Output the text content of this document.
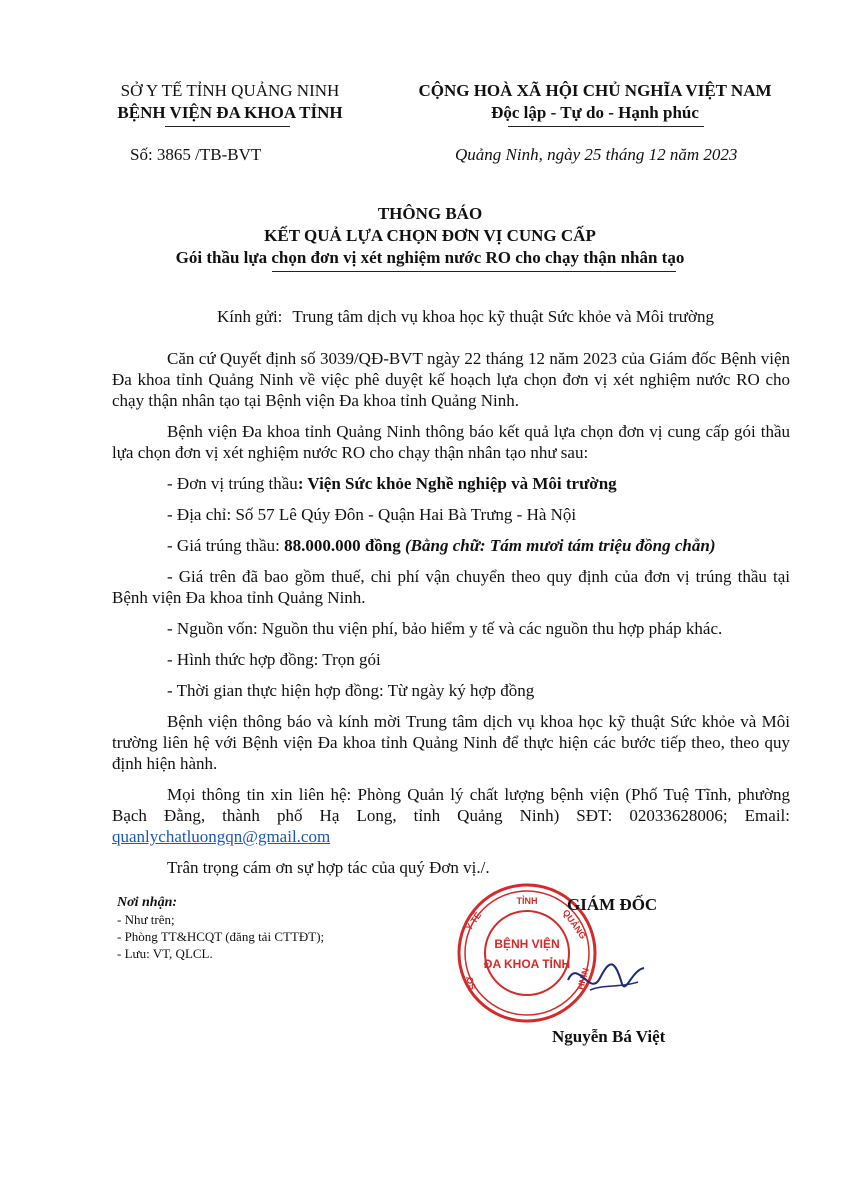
SỞ Y TẾ TỈNH QUẢNG NINH
BỆNH VIỆN ĐA KHOA TỈNH
CỘNG HOÀ XÃ HỘI CHỦ NGHĨA VIỆT NAM
Độc lập - Tự do - Hạnh phúc
Số: 3865 /TB-BVT	Quảng Ninh, ngày 25 tháng 12 năm 2023
THÔNG BÁO
KẾT QUẢ LỰA CHỌN ĐƠN VỊ CUNG CẤP
Gói thầu lựa chọn đơn vị xét nghiệm nước RO cho chạy thận nhân tạo
Kính gửi: Trung tâm dịch vụ khoa học kỹ thuật Sức khỏe và Môi trường

Căn cứ Quyết định số 3039/QĐ-BVT ngày 22 tháng 12 năm 2023 của Giám đốc Bệnh viện Đa khoa tỉnh Quảng Ninh về việc phê duyệt kế hoạch lựa chọn đơn vị xét nghiệm nước RO cho chạy thận nhân tạo tại Bệnh viện Đa khoa tỉnh Quảng Ninh.

Bệnh viện Đa khoa tỉnh Quảng Ninh thông báo kết quả lựa chọn đơn vị cung cấp gói thầu lựa chọn đơn vị xét nghiệm nước RO cho chạy thận nhân tạo như sau:

- Đơn vị trúng thầu: Viện Sức khỏe Nghề nghiệp và Môi trường

- Địa chỉ: Số 57 Lê Qúy Đôn - Quận Hai Bà Trưng - Hà Nội

- Giá trúng thầu: 88.000.000 đồng (Bằng chữ: Tám mươi tám triệu đồng chẵn)

- Giá trên đã bao gồm thuế, chi phí vận chuyển theo quy định của đơn vị trúng thầu tại Bệnh viện Đa khoa tỉnh Quảng Ninh.

- Nguồn vốn: Nguồn thu viện phí, bảo hiểm y tế và các nguồn thu hợp pháp khác.

- Hình thức hợp đồng: Trọn gói

- Thời gian thực hiện hợp đồng: Từ ngày ký hợp đồng

Bệnh viện thông báo và kính mời Trung tâm dịch vụ khoa học kỹ thuật Sức khỏe và Môi trường liên hệ với Bệnh viện Đa khoa tỉnh Quảng Ninh để thực hiện các bước tiếp theo, theo quy định hiện hành.

Mọi thông tin xin liên hệ: Phòng Quản lý chất lượng bệnh viện (Phố Tuệ Tĩnh, phường Bạch Đằng, thành phố Hạ Long, tỉnh Quảng Ninh) SĐT: 02033628006; Email: quanlychatluongqn@gmail.com

Trân trọng cám ơn sự hợp tác của quý Đơn vị./.

Nơi nhận:
- Như trên;
- Phòng TT&HCQT (đăng tải CTTĐT);
- Lưu: VT, QLCL.
TỈNH
QUẢNG
NINH
Y TẾ
SỞ
BỆNH VIỆN
ĐA KHOA TỈNH
GIÁM ĐỐC
Nguyễn Bá Việt
